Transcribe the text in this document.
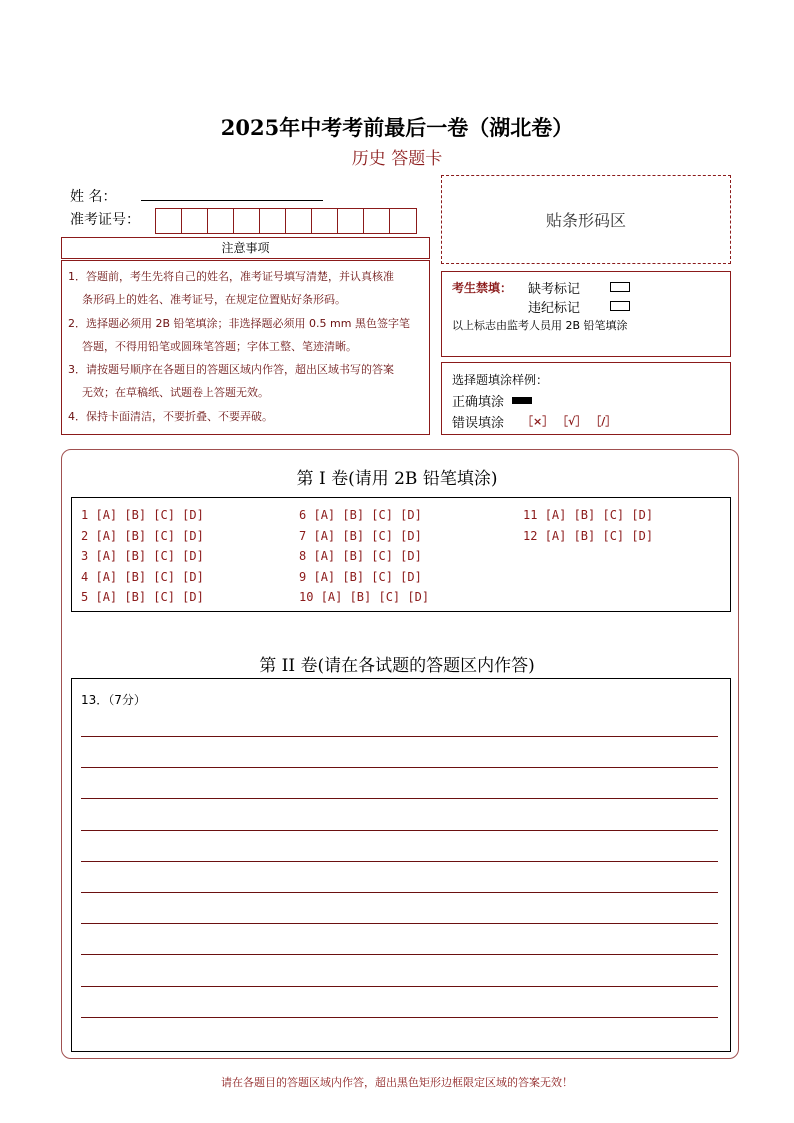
2025年中考考前最后一卷（湖北卷）
历史 答题卡
姓 名：
准考证号：	贴条形码区
注意事项

1．答题前，考生先将自己的姓名，准考证号填写清楚，并认真核准

条形码上的姓名、准考证号，在规定位置贴好条形码。

2．选择题必须用 2B 铅笔填涂；非选择题必须用 0.5 mm 黑色签字笔

答题，不得用铅笔或圆珠笔答题；字体工整、笔迹清晰。

3．请按题号顺序在各题目的答题区域内作答，超出区域书写的答案

无效；在草稿纸、试题卷上答题无效。

4．保持卡面清洁，不要折叠、不要弄破。

考生禁填： 缺考标记
违纪标记
以上标志由监考人员用 2B 铅笔填涂
选择题填涂样例：
正确填涂
错误填涂 ［×］ ［√］ ［/］
第 I 卷(请用 2B 铅笔填涂)
1 [A] [B] [C] [D]
2 [A] [B] [C] [D]
3 [A] [B] [C] [D]
4 [A] [B] [C] [D]
5 [A] [B] [C] [D]
6 [A] [B] [C] [D]
7 [A] [B] [C] [D]
8 [A] [B] [C] [D]
9 [A] [B] [C] [D]
10 [A] [B] [C] [D]
11 [A] [B] [C] [D]
12 [A] [B] [C] [D]
第 II 卷(请在各试题的答题区内作答)
13．（7分）
请在各题目的答题区域内作答，超出黑色矩形边框限定区域的答案无效！
